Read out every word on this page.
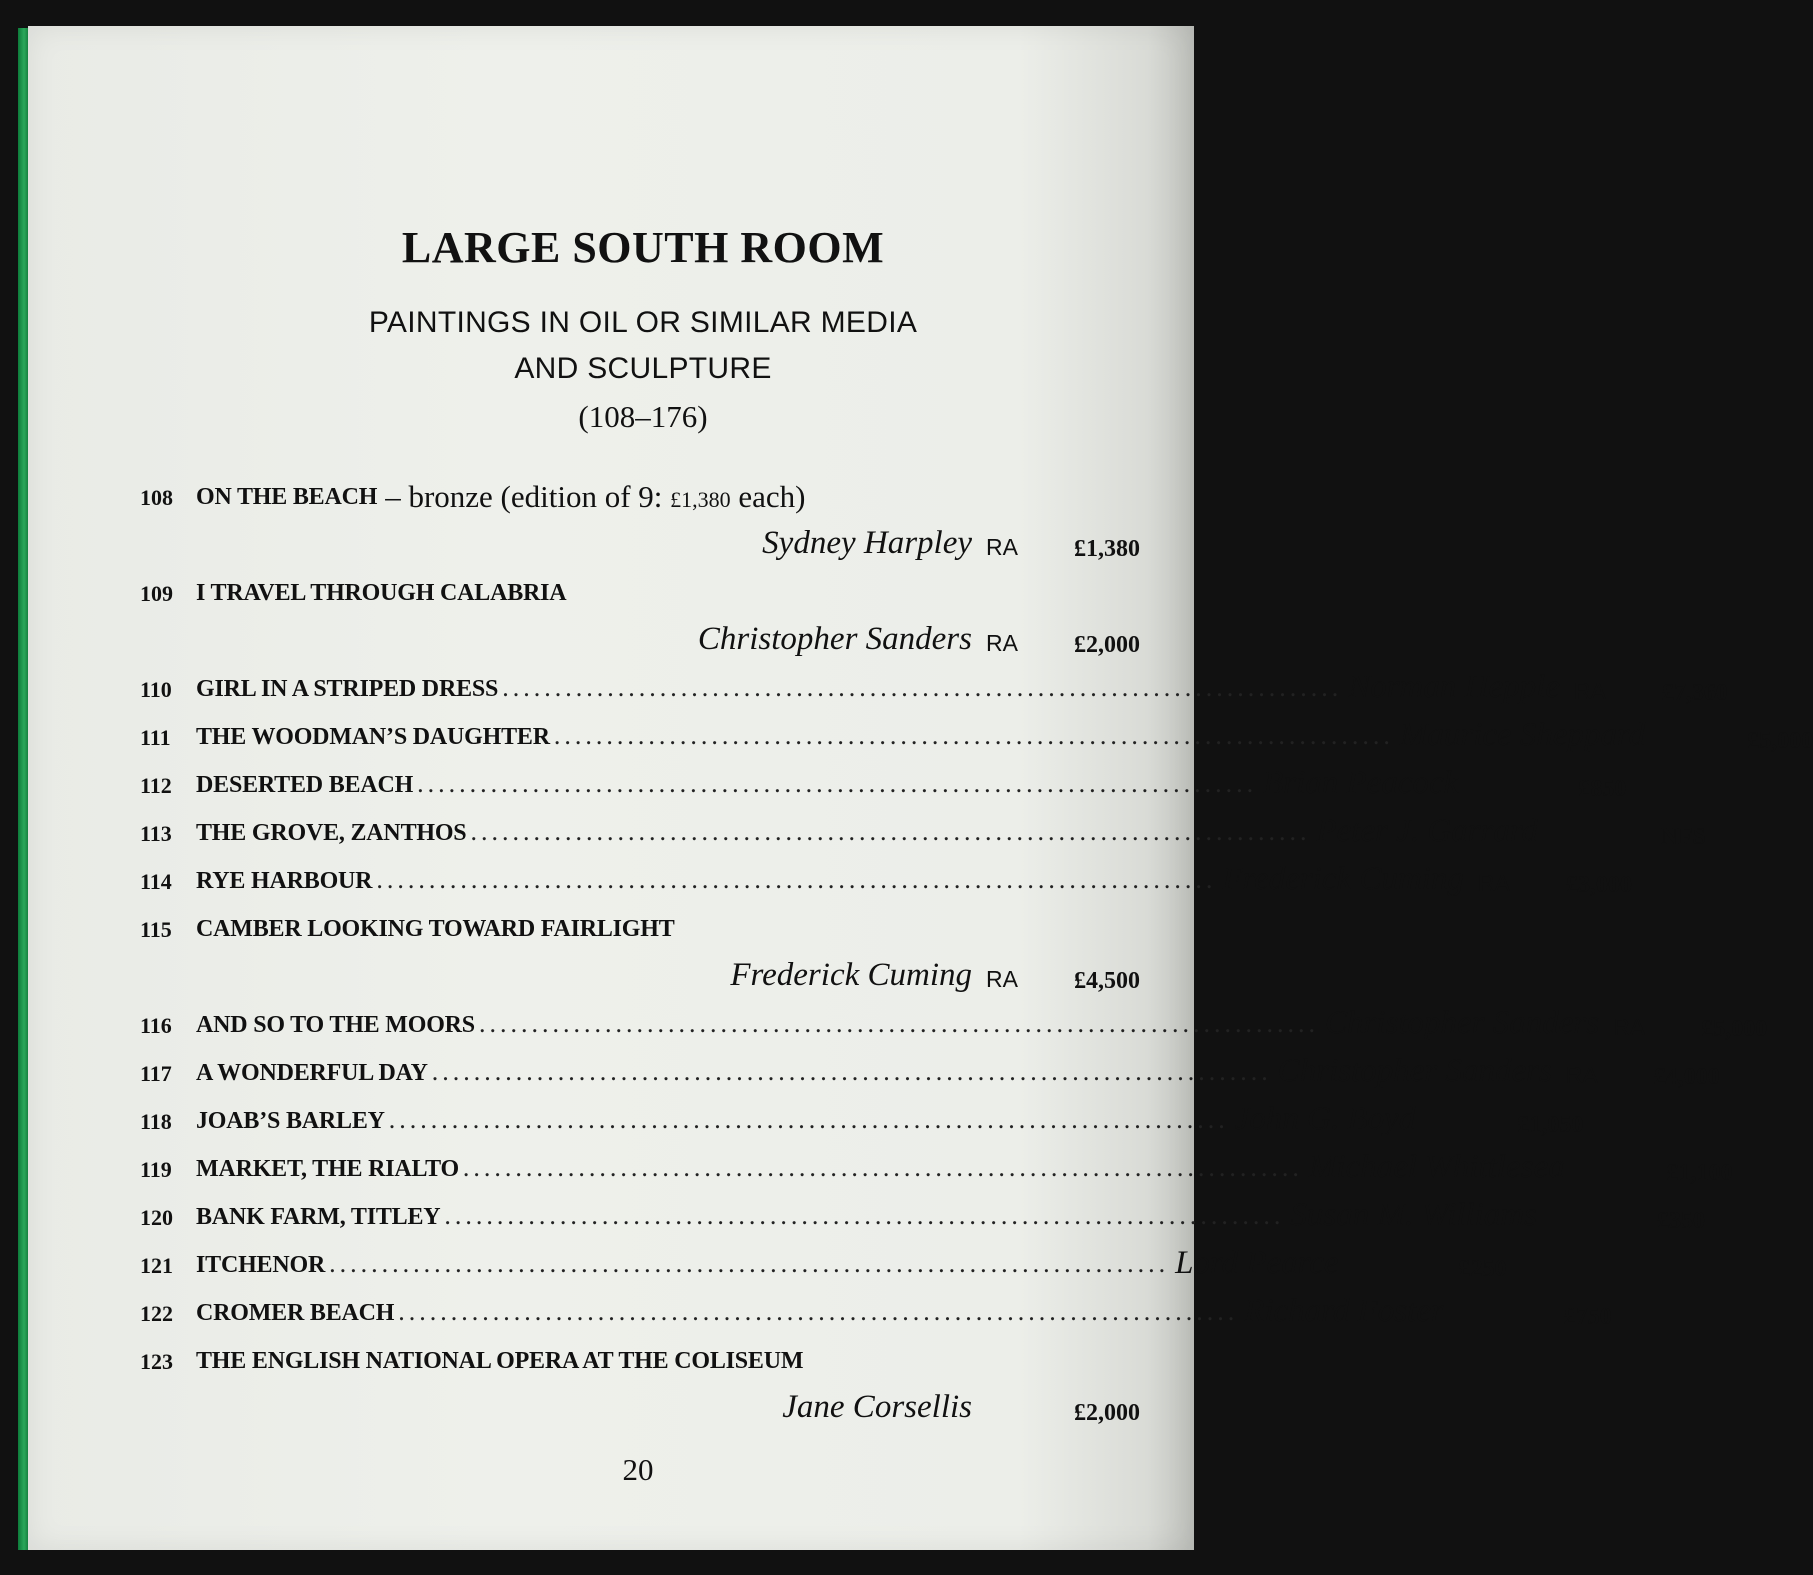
LARGE SOUTH ROOM

PAINTINGS IN OIL OR SIMILAR MEDIA

AND SCULPTURE

(108–176)

108 ON THE BEACH – bronze (edition of 9: £1,380 each)
Sydney Harpley RA	£1,380
109 I TRAVEL THROUGH CALABRIA
Christopher Sanders RA	£2,000
110	GIRL IN A STRIPED DRESS ................................................................................ Norman Hepple RA	£7,360
111	THE WOODMAN’S DAUGHTER ................................................................................ Maurice Sheppard	£5,000
112	DESERTED BEACH ................................................................................ Brian Peacock	£850
113	THE GROVE, ZANTHOS ................................................................................ Peter J. Garrard	NFS
114	RYE HARBOUR ................................................................................ Frederick Cuming RA	£3,000
115	CAMBER LOOKING TOWARD FAIRLIGHT
Frederick Cuming RA	£4,500
116	AND SO TO THE MOORS ................................................................................ Christopher Sanders RA	£5,000
117	A WONDERFUL DAY ................................................................................ Christopher Sanders RA	£4,000
118	JOAB’S BARLEY ................................................................................ John G. Boyd	£1,050
119	MARKET, THE RIALTO ................................................................................ Michael Whittlesea	£1,100
120 BANK FARM, TITLEY ................................................................................ Susan M. Williams	£350
121 ITCHENOR ................................................................................ Lord Pearce	£250
122 CROMER BEACH ................................................................................ Richard Foster	£750
123 THE ENGLISH NATIONAL OPERA AT THE COLISEUM
Jane Corsellis	£2,000

20
